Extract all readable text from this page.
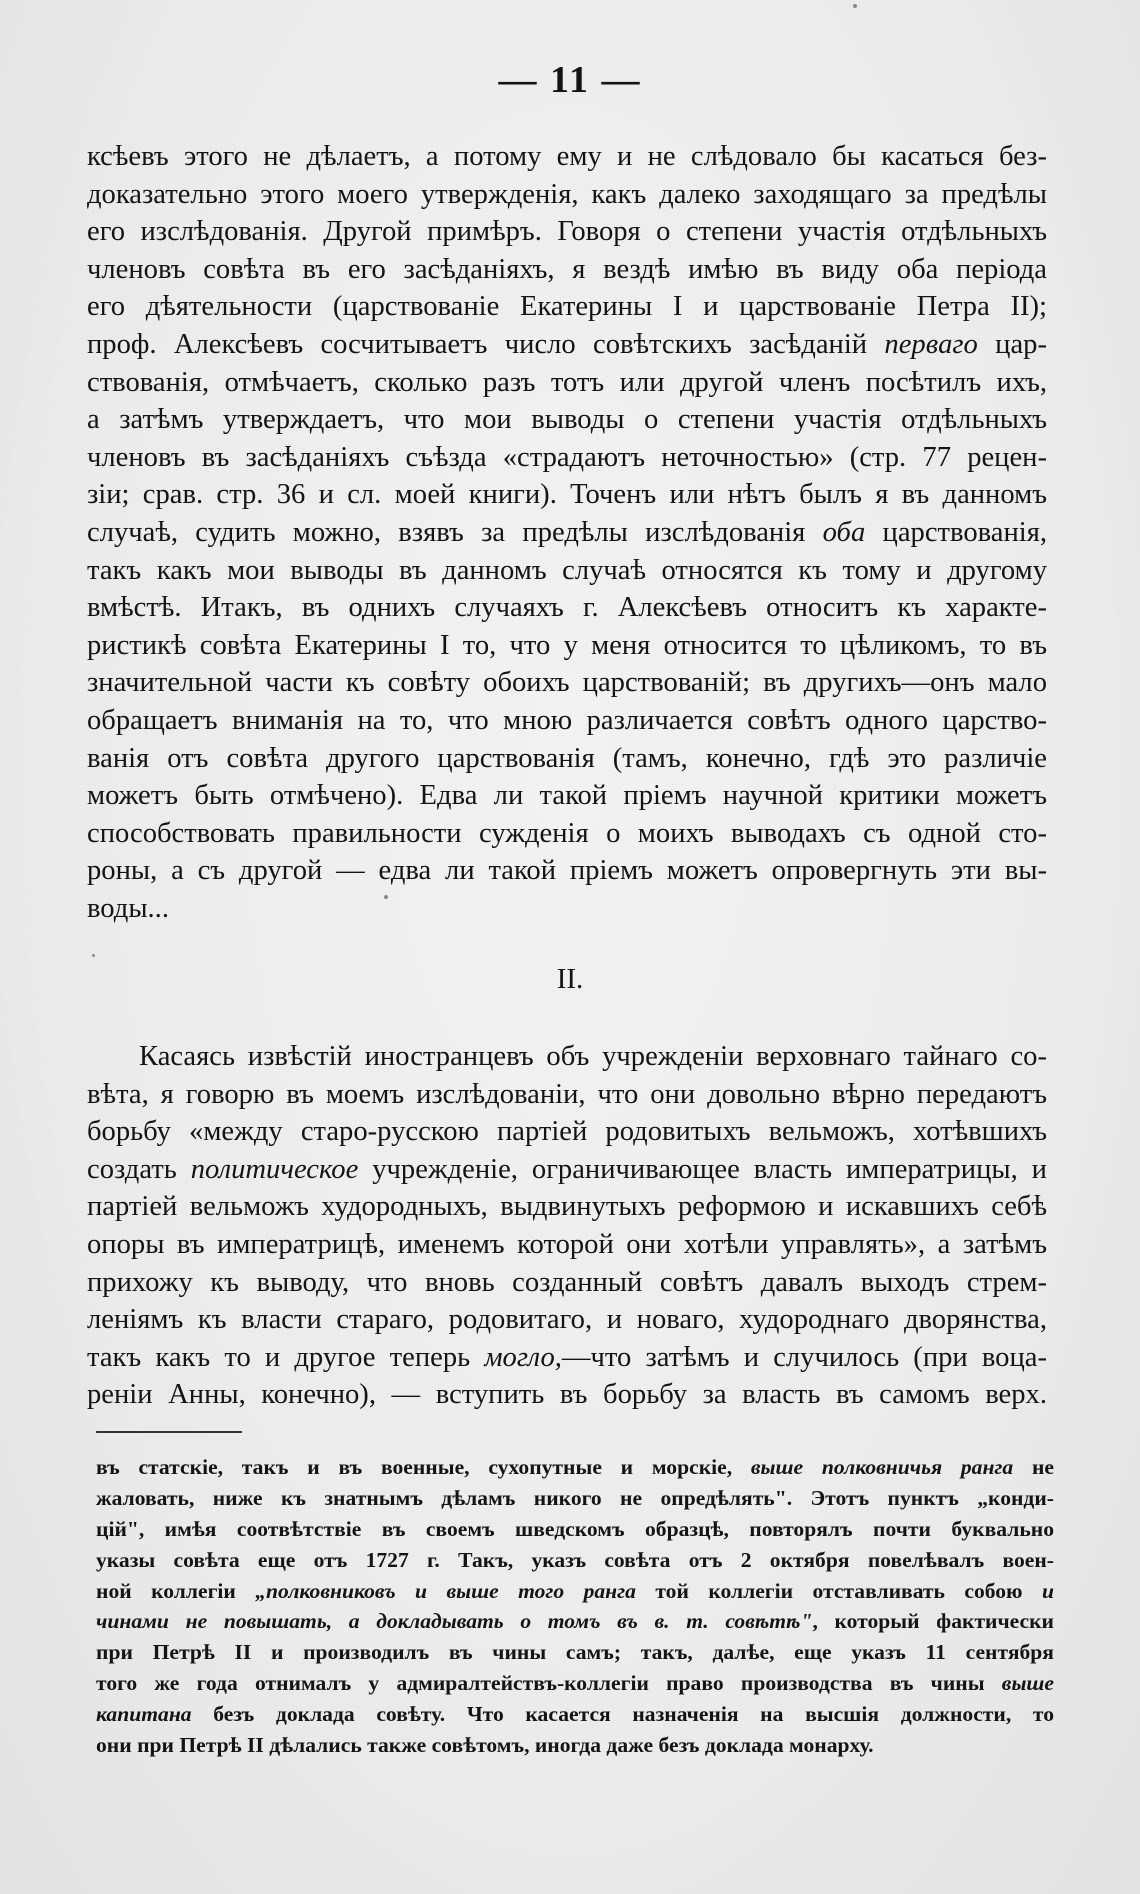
— 11 —
ксѣевъ этого не дѣлаетъ, а потому ему и не слѣдовало бы касаться без-
доказательно этого моего утвержденія, какъ далеко заходящаго за предѣлы
его изслѣдованія. Другой примѣръ. Говоря о степени участія отдѣльныхъ
членовъ совѣта въ его засѣданіяхъ, я вездѣ имѣю въ виду оба періода
его дѣятельности (царствованіе Екатерины I и царствованіе Петра II);
проф. Алексѣевъ сосчитываетъ число совѣтскихъ засѣданій первaго цар-
ствованія, отмѣчаетъ, сколько разъ тотъ или другой членъ посѣтилъ ихъ,
а затѣмъ утверждаетъ, что мои выводы о степени участія отдѣльныхъ
членовъ въ засѣданіяхъ съѣзда «страдаютъ неточностью» (стр. 77 рецен-
зіи; срав. стр. 36 и сл. моей книги). Точенъ или нѣтъ былъ я въ данномъ
случаѣ, судить можно, взявъ за предѣлы изслѣдованія оба царствованія,
такъ какъ мои выводы въ данномъ случаѣ относятся къ тому и другому
вмѣстѣ. Итакъ, въ однихъ случаяхъ г. Алексѣевъ относитъ къ характе-
ристикѣ совѣта Екатерины I то, что у меня относится то цѣликомъ, то въ
значительной части къ совѣту обоихъ царствованій; въ другихъ—онъ мало
обращаетъ вниманія на то, что мною различается совѣтъ одного царство-
ванія отъ совѣта другого царствованія (тамъ, конечно, гдѣ это различіе
можетъ быть отмѣчено). Едва ли такой пріемъ научной критики можетъ
способствовать правильности сужденія о моихъ выводахъ съ одной сто-
роны, а съ другой — едва ли такой пріемъ можетъ опровергнуть эти вы-
воды...
II.
Касаясь извѣстій иностранцевъ объ учрежденіи верховнаго тайнаго со-
вѣта, я говорю въ моемъ изслѣдованіи, что они довольно вѣрно передаютъ
борьбу «между старо-русскою партіей родовитыхъ вельможъ, хотѣвшихъ
создать политическое учрежденіе, ограничивающее власть императрицы, и
партіей вельможъ худородныхъ, выдвинутыхъ реформою и искавшихъ себѣ
опоры въ императрицѣ, именемъ которой они хотѣли управлять», а затѣмъ
прихожу къ выводу, что вновь созданный совѣтъ давалъ выходъ стрем-
леніямъ къ власти стараго, родовитаго, и новаго, худороднаго дворянства,
такъ какъ то и другое теперь могло,—что затѣмъ и случилось (при воца-
реніи Анны, конечно), — вступить въ борьбу за власть въ самомъ верх.
въ статскіе, такъ и въ военные, сухопутные и морскіе, выше полковничья ранга не
жаловать, ниже къ знатнымъ дѣламъ никого не опредѣлять". Этотъ пунктъ „конди-
цій", имѣя соотвѣтствіе въ своемъ шведскомъ образцѣ, повторялъ почти буквально
указы совѣта еще отъ 1727 г. Такъ, указъ совѣта отъ 2 октября повелѣвалъ воен-
ной коллегіи „полковниковъ и выше того ранга той коллегіи отставливать собою и
чинами не повышать, а докладывать о томъ въ в. т. совѣтѣ", который фактически
при Петрѣ II и производилъ въ чины самъ; такъ, далѣе, еще указъ 11 сентября
того же года отнималъ у адмиралтействъ-коллегіи право производства въ чины выше
капитана безъ доклада совѣту. Что касается назначенія на высшія должности, то
они при Петрѣ II дѣлались также совѣтомъ, иногда даже безъ доклада монарху.
